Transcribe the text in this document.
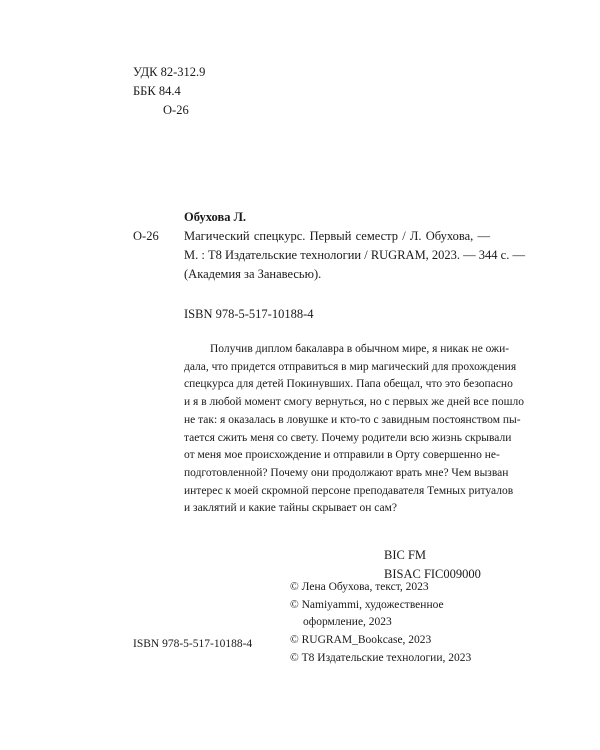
УДК 82-312.9
ББК 84.4
О-26
Обухова Л.
О-26 Магический спецкурс. Первый семестр / Л. Обухова, —
М. : Т8 Издательские технологии / RUGRAM, 2023. — 344 с. —
(Академия за Занавесью).
ISBN 978-5-517-10188-4
Получив диплом бакалавра в обычном мире, я никак не ожи-
дала, что придется отправиться в мир магический для прохождения
спецкурса для детей Покинувших. Папа обещал, что это безопасно
и я в любой момент смогу вернуться, но с первых же дней все пошло
не так: я оказалась в ловушке и кто-то с завидным постоянством пы-
тается сжить меня со свету. Почему родители всю жизнь скрывали
от меня мое происхождение и отправили в Орту совершенно не-
подготовленной? Почему они продолжают врать мне? Чем вызван
интерес к моей скромной персоне преподавателя Темных ритуалов
и заклятий и какие тайны скрывает он сам?
BIC FM
BISAC FIC009000
© Лена Обухова, текст, 2023
© Namiyammi, художественное
оформление, 2023
© RUGRAM_Bookcase, 2023
© Т8 Издательские технологии, 2023
ISBN 978-5-517-10188-4
